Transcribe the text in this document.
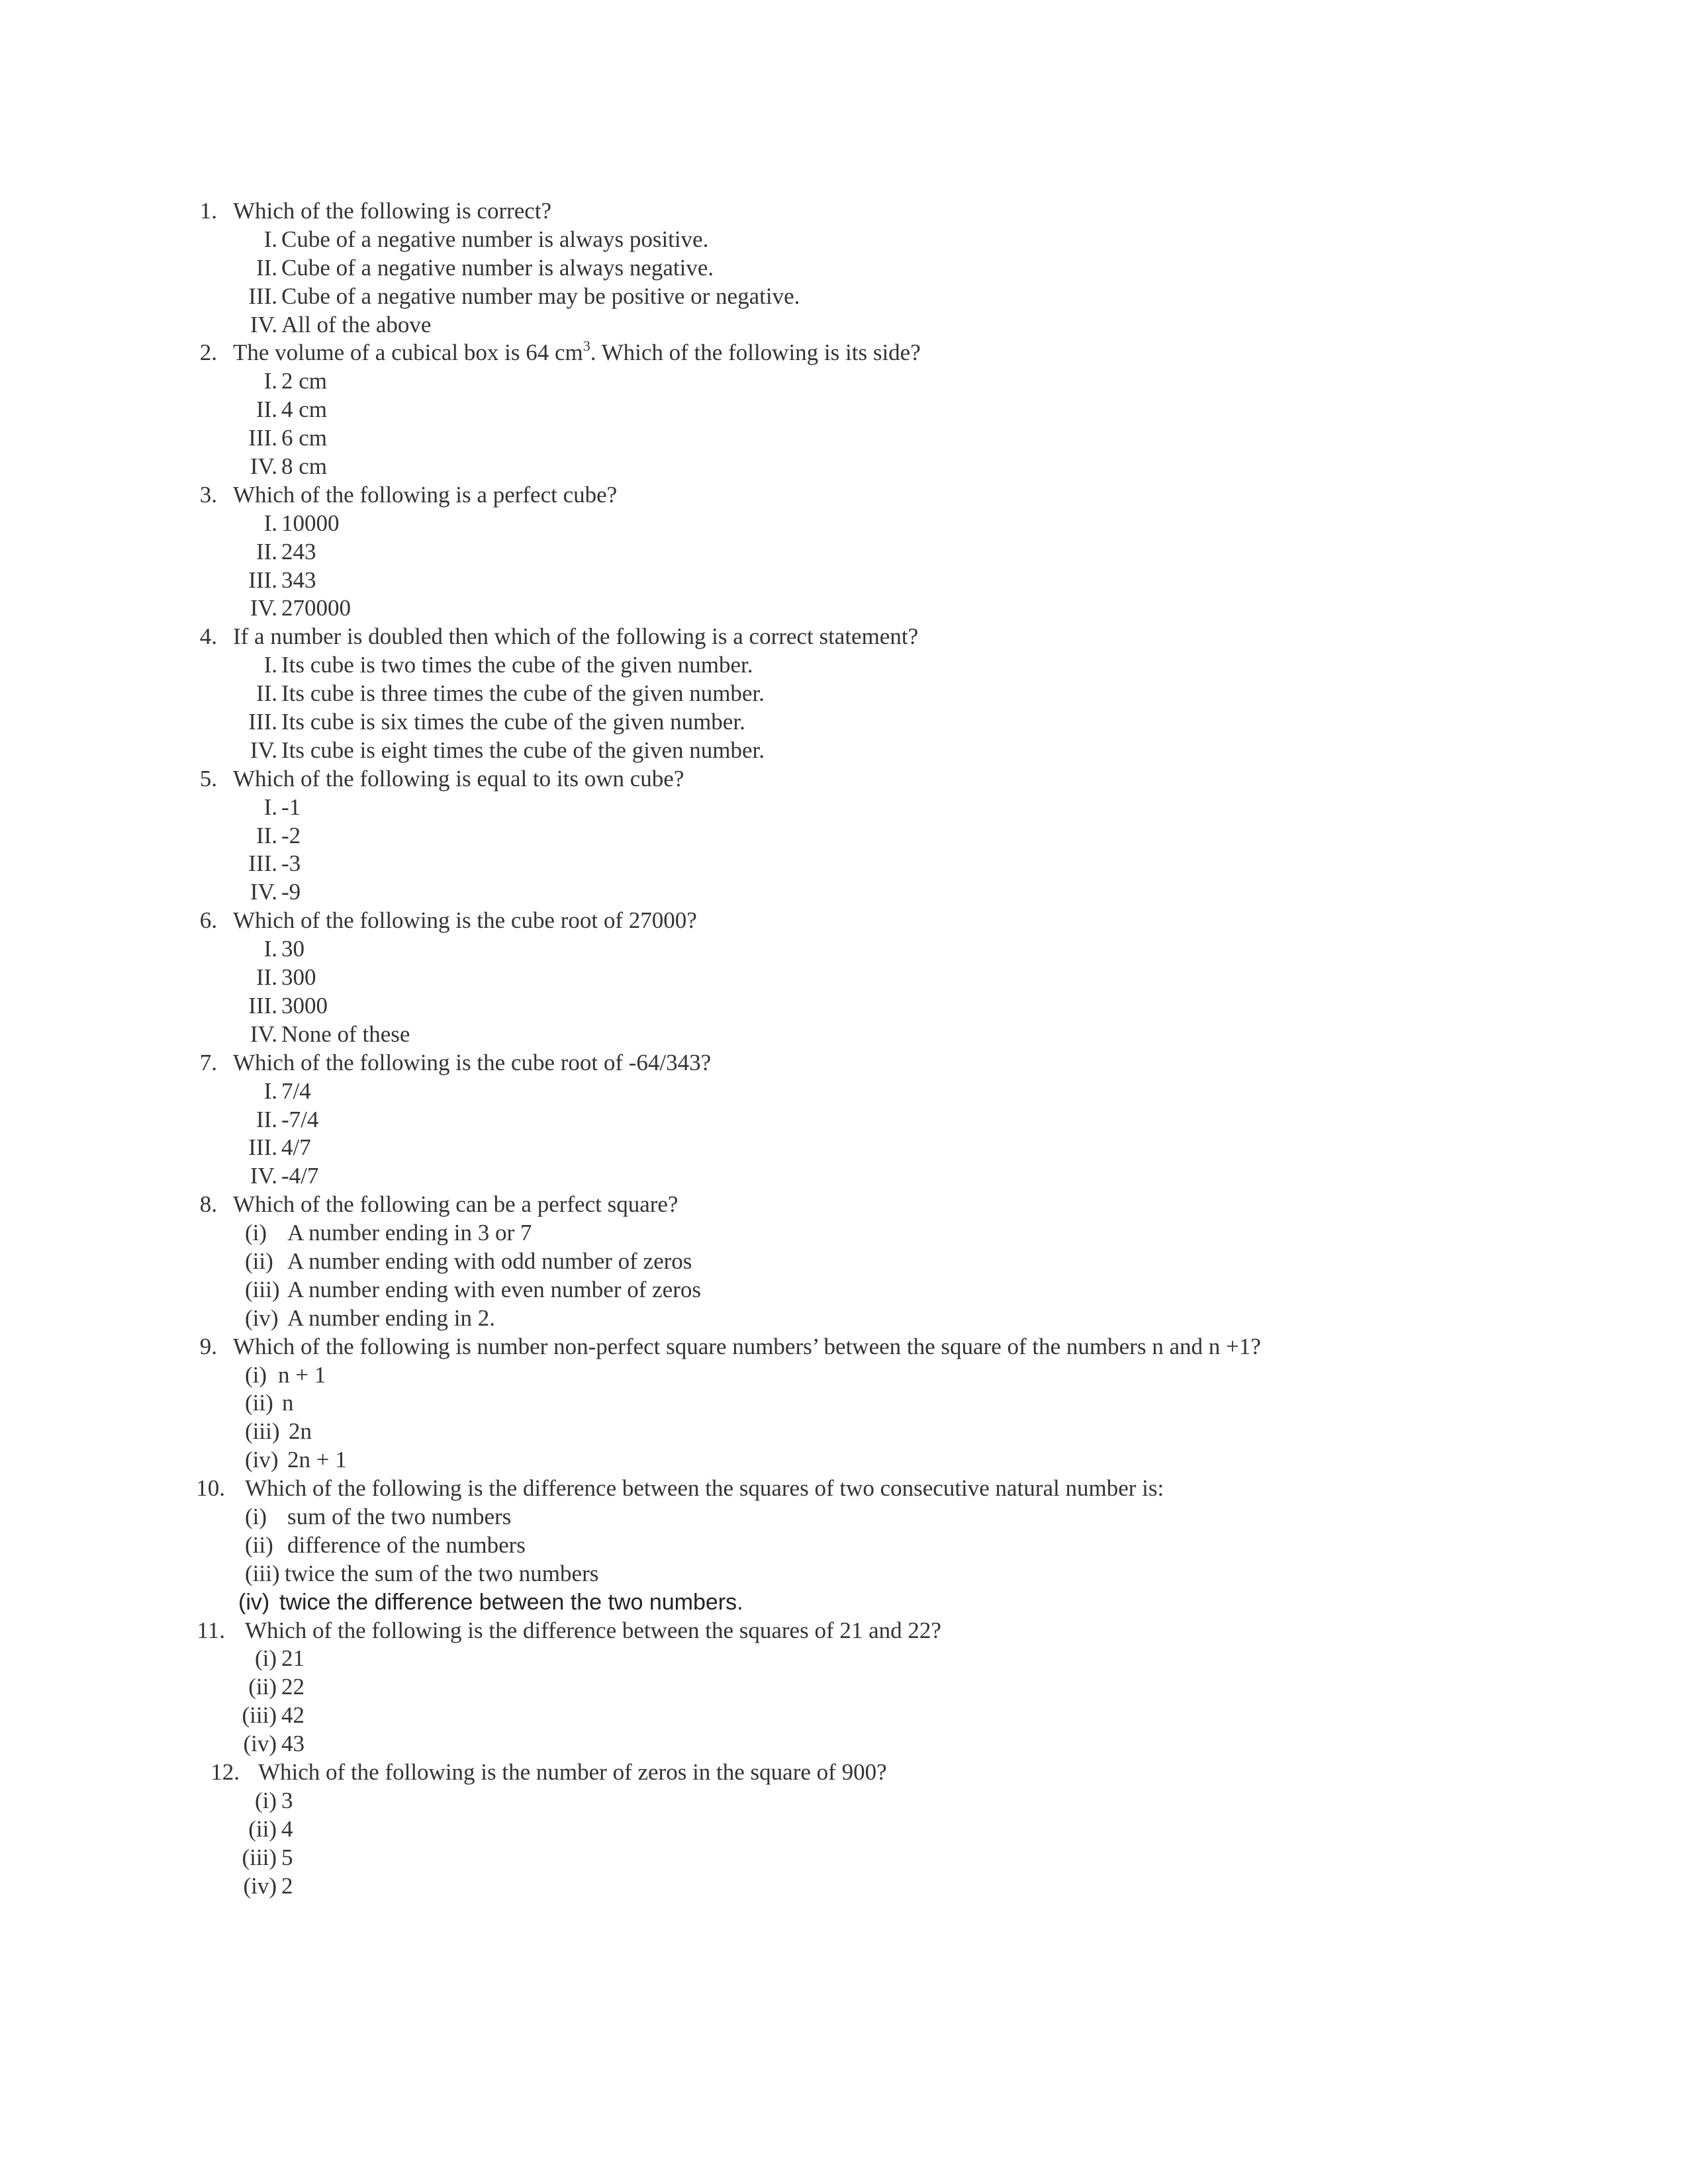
1. Which of the following is correct?
I. Cube of a negative number is always positive.
II. Cube of a negative number is always negative.
III. Cube of a negative number may be positive or negative.
IV. All of the above
2. The volume of a cubical box is 64 $cm^3$. Which of the following is its side?
I. 2 cm
II. 4 cm
III. 6 cm
IV. 8 cm
3. Which of the following is a perfect cube?
I. 10000
II. 243
III. 343
IV. 270000
4. If a number is doubled then which of the following is a correct statement?
I. Its cube is two times the cube of the given number.
II. Its cube is three times the cube of the given number.
III. Its cube is six times the cube of the given number.
IV. Its cube is eight times the cube of the given number.
5. Which of the following is equal to its own cube?
I. -1
II. -2
III. -3
IV. -9
6. Which of the following is the cube root of 27000?
I. 30
II. 300
III. 3000
IV. None of these
7. Which of the following is the cube root of -64/343?
I. 7/4
II. -7/4
III. 4/7
IV. -4/7
8. Which of the following can be a perfect square?
(i) A number ending in 3 or 7
(ii) A number ending with odd number of zeros
(iii) A number ending with even number of zeros
(iv) A number ending in 2.
9. Which of the following is number non-perfect square numbers’ between the square of the numbers n and n +1?
(i) n + 1
(ii) n
(iii) 2n
(iv) 2n + 1
10. Which of the following is the difference between the squares of two consecutive natural number is:
(i) sum of the two numbers
(ii) difference of the numbers
(iii) twice the sum of the two numbers
(iv) twice the difference between the two numbers.
11. Which of the following is the difference between the squares of 21 and 22?
(i) 21
(ii) 22
(iii) 42
(iv) 43
12. Which of the following is the number of zeros in the square of 900?
(i) 3
(ii) 4
(iii) 5
(iv) 2
